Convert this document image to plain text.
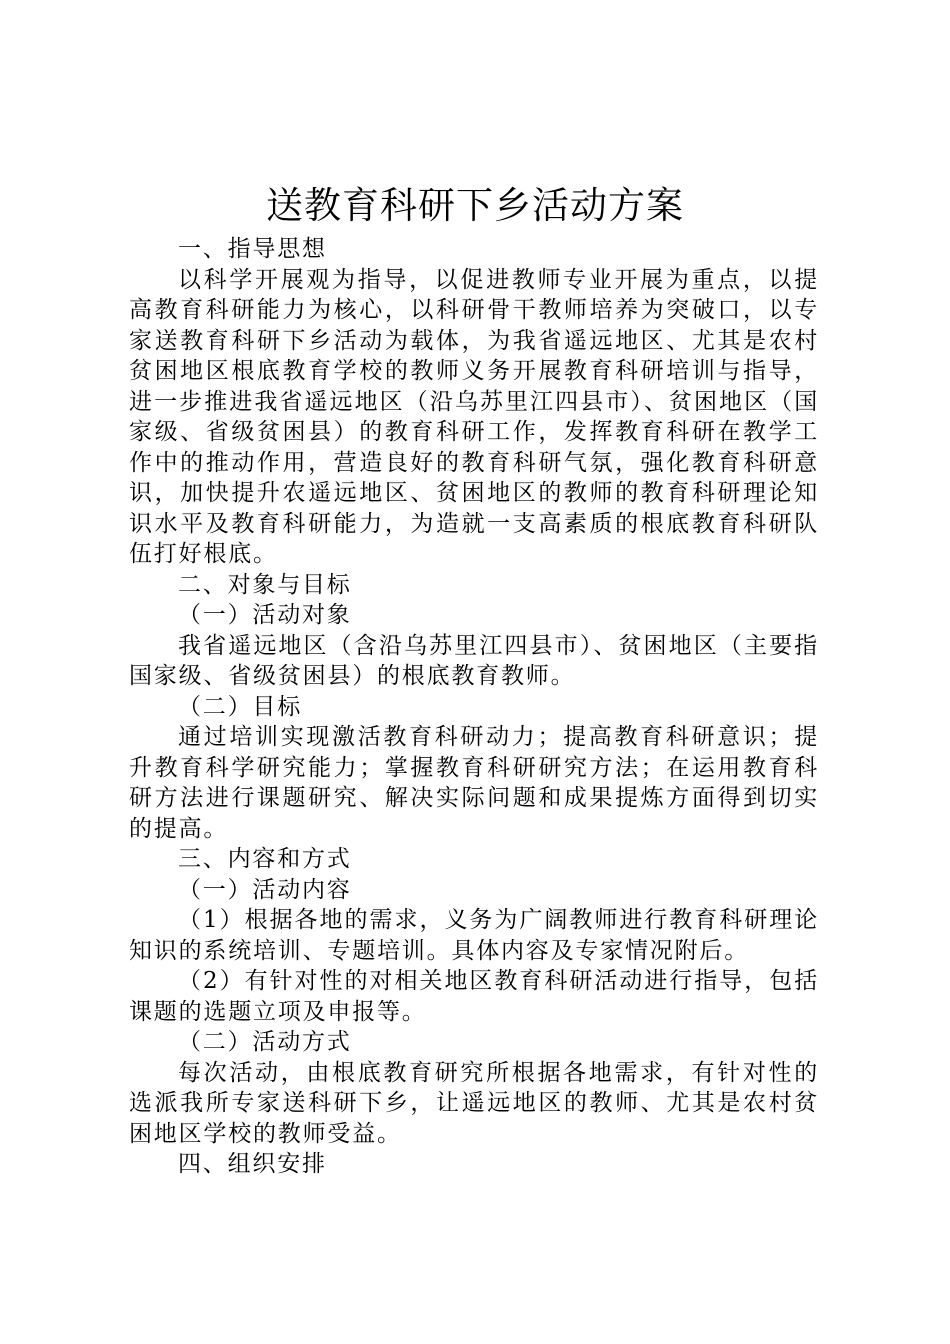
送教育科研下乡活动方案

一、指导思想

以科学开展观为指导，以促进教师专业开展为重点，以提高教育科研能力为核心，以科研骨干教师培养为突破口，以专家送教育科研下乡活动为载体，为我省遥远地区、尤其是农村贫困地区根底教育学校的教师义务开展教育科研培训与指导，进一步推进我省遥远地区（沿乌苏里江四县市）、贫困地区（国家级、省级贫困县）的教育科研工作，发挥教育科研在教学工作中的推动作用，营造良好的教育科研气氛，强化教育科研意识，加快提升农遥远地区、贫困地区的教师的教育科研理论知识水平及教育科研能力，为造就一支高素质的根底教育科研队伍打好根底。

二、对象与目标

（一）活动对象

我省遥远地区（含沿乌苏里江四县市）、贫困地区（主要指国家级、省级贫困县）的根底教育教师。

（二）目标

通过培训实现激活教育科研动力；提高教育科研意识；提升教育科学研究能力；掌握教育科研研究方法；在运用教育科研方法进行课题研究、解决实际问题和成果提炼方面得到切实的提高。

三、内容和方式

（一）活动内容

（1）根据各地的需求，义务为广阔教师进行教育科研理论知识的系统培训、专题培训。具体内容及专家情况附后。

（2）有针对性的对相关地区教育科研活动进行指导，包括课题的选题立项及申报等。

（二）活动方式

每次活动，由根底教育研究所根据各地需求，有针对性的选派我所专家送科研下乡，让遥远地区的教师、尤其是农村贫困地区学校的教师受益。

四、组织安排
